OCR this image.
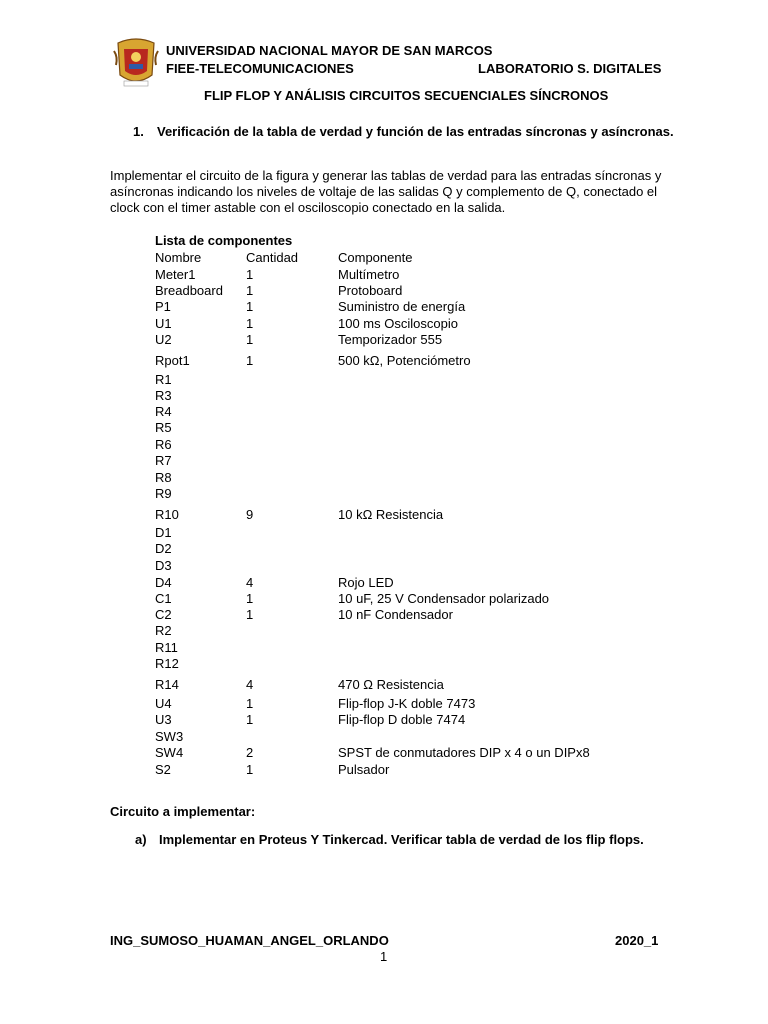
UNIVERSIDAD NACIONAL MAYOR DE SAN MARCOS
FIEE-TELECOMUNICACIONES	LABORATORIO S. DIGITALES
FLIP FLOP Y ANÁLISIS CIRCUITOS SECUENCIALES SÍNCRONOS
1. Verificación de la tabla de verdad y función de las entradas síncronas y asíncronas.
Implementar el circuito de la figura y generar las tablas de verdad para las entradas síncronas y
asíncronas indicando los niveles de voltaje de las salidas Q y complemento de Q, conectado el
clock con el timer astable con el osciloscopio conectado en la salida.
Lista de componentes
Nombre	Cantidad	Componente
Meter1	1	Multímetro
Breadboard 1	Protoboard
P1	1	Suministro de energía
U1	1	100 ms Osciloscopio
U2	1	Temporizador 555
Rpot1	1	500 kΩ, Potenciómetro
R1
R3
R4
R5
R6
R7
R8
R9
R10	9	10 kΩ Resistencia
D1
D2
D3
D4	4	Rojo LED
C1	1	10 uF, 25 V Condensador polarizado
C2	1	10 nF Condensador
R2
R11
R12
R14	4	470 Ω Resistencia
U4	1	Flip-flop J-K doble 7473
U3	1	Flip-flop D doble 7474
SW3
SW4	2	SPST de conmutadores DIP x 4 o un DIPx8
S2	1	Pulsador
Circuito a implementar:
a) Implementar en Proteus Y Tinkercad. Verificar tabla de verdad de los flip flops.
ING_SUMOSO_HUAMAN_ANGEL_ORLANDO	2020_1
1
